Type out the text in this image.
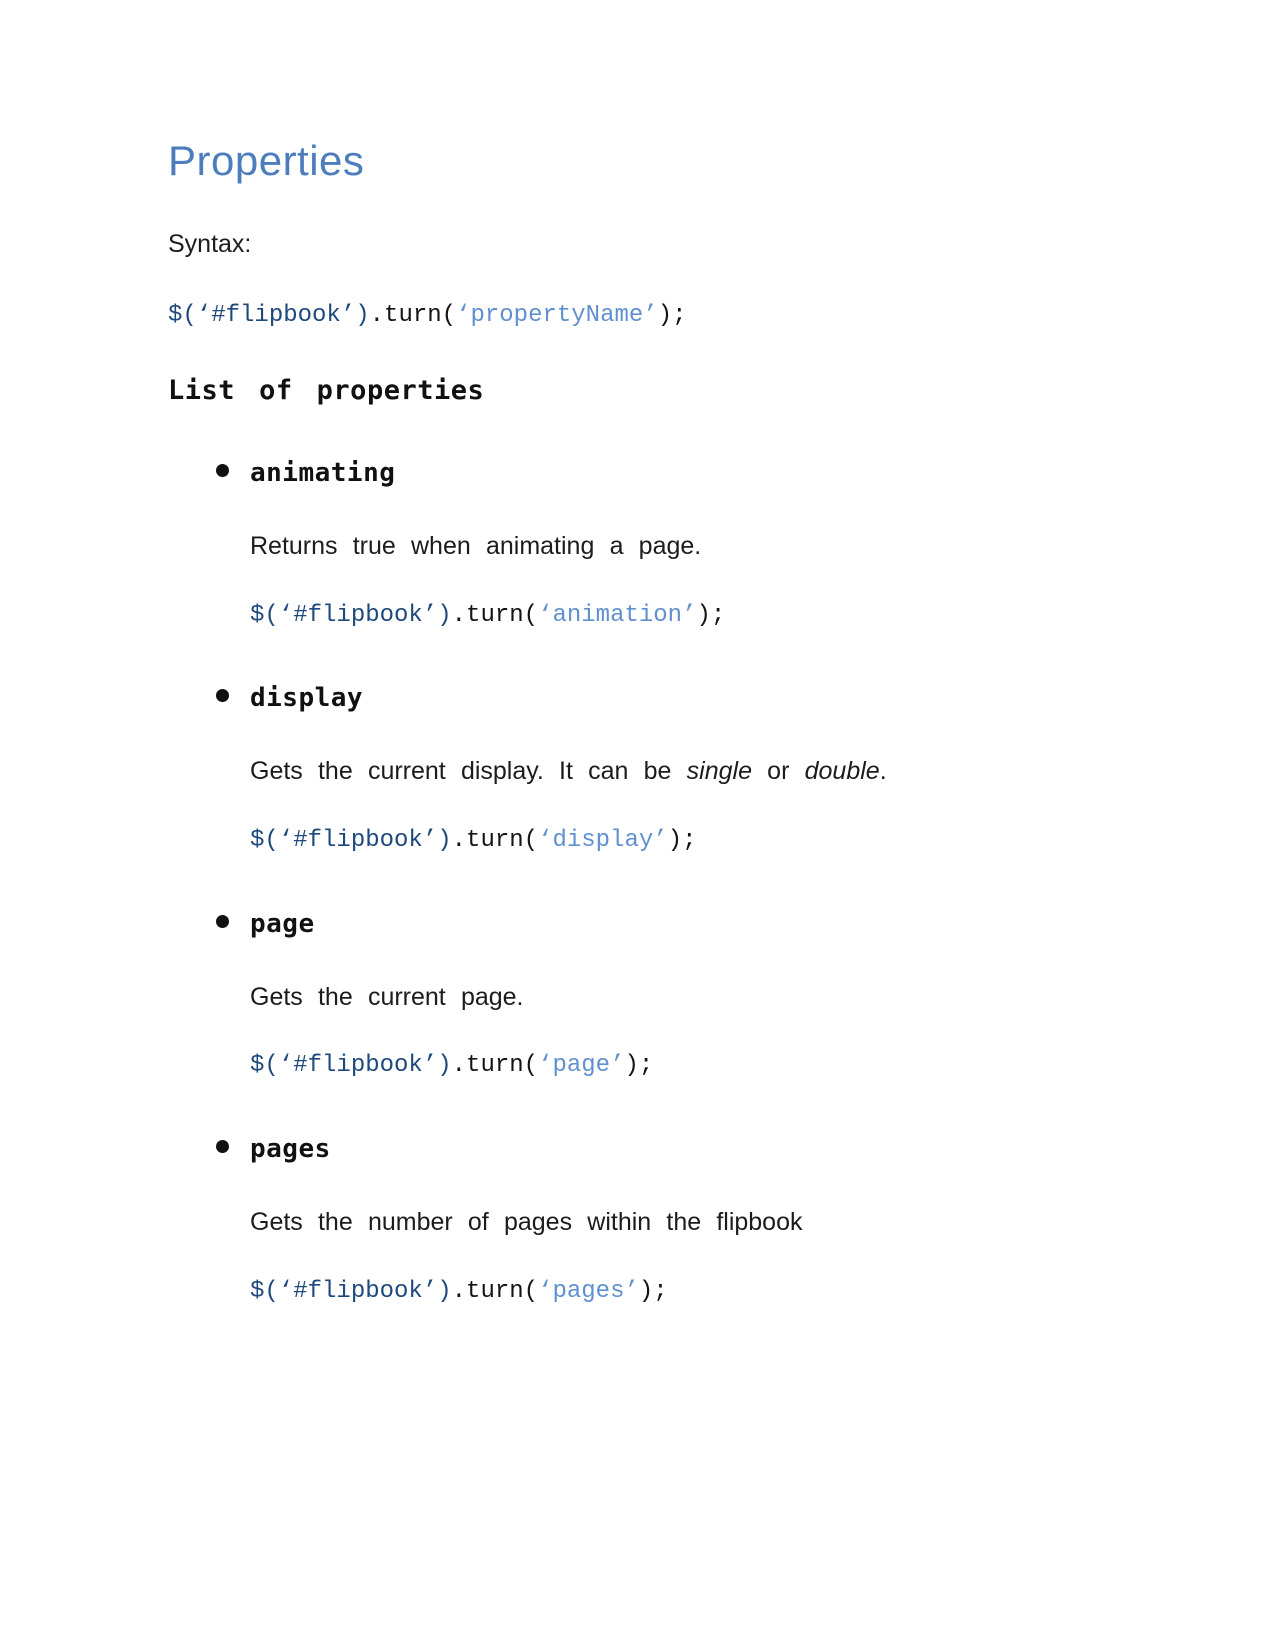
Properties

Syntax:

$(‘#flipbook’).turn(‘propertyName’);

List of properties
animating

Returns true when animating a page.

$(‘#flipbook’).turn(‘animation’);

display

Gets the current display. It can be single or double.

$(‘#flipbook’).turn(‘display’);

page

Gets the current page.

$(‘#flipbook’).turn(‘page’);

pages

Gets the number of pages within the flipbook

$(‘#flipbook’).turn(‘pages’);
